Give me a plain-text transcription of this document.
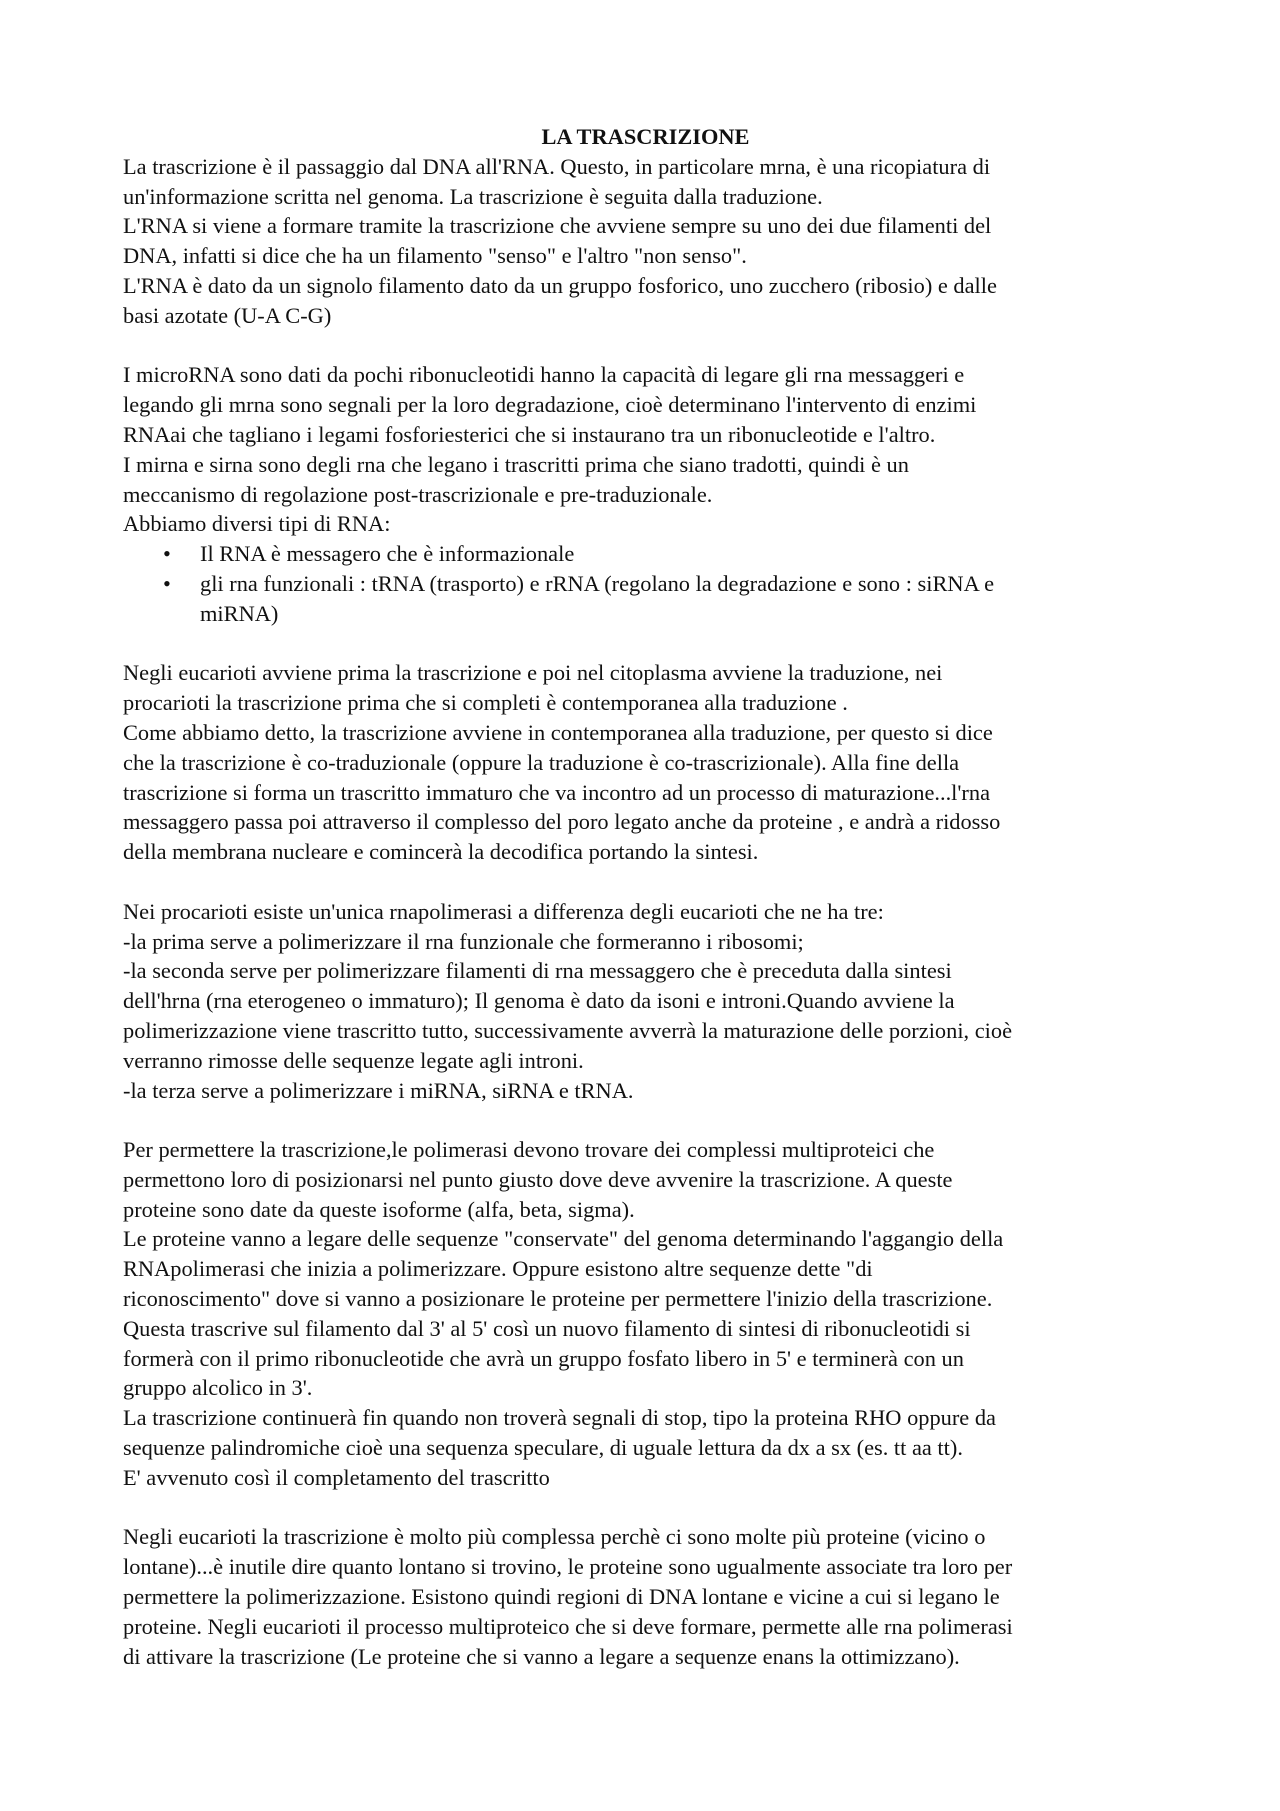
LA TRASCRIZIONE
La trascrizione è il passaggio dal DNA all'RNA. Questo, in particolare mrna, è una ricopiatura di
un'informazione scritta nel genoma. La trascrizione è seguita dalla traduzione.
L'RNA si viene a formare tramite la trascrizione che avviene sempre su uno dei due filamenti del
DNA, infatti si dice che ha un filamento "senso" e l'altro "non senso".
L'RNA è dato da un signolo filamento dato da un gruppo fosforico, uno zucchero (ribosio) e dalle
basi azotate (U-A C-G)
I microRNA sono dati da pochi ribonucleotidi hanno la capacità di legare gli rna messaggeri e
legando gli mrna sono segnali per la loro degradazione, cioè determinano l'intervento di enzimi
RNAai che tagliano i legami fosforiesterici che si instaurano tra un ribonucleotide e l'altro.
I mirna e sirna sono degli rna che legano i trascritti prima che siano tradotti, quindi è un
meccanismo di regolazione post-trascrizionale e pre-traduzionale.
Abbiamo diversi tipi di RNA:
• Il RNA è messagero che è informazionale
• gli rna funzionali : tRNA (trasporto) e rRNA (regolano la degradazione e sono : siRNA e
miRNA)
Negli eucarioti avviene prima la trascrizione e poi nel citoplasma avviene la traduzione, nei
procarioti la trascrizione prima che si completi è contemporanea alla traduzione .
Come abbiamo detto, la trascrizione avviene in contemporanea alla traduzione, per questo si dice
che la trascrizione è co-traduzionale (oppure la traduzione è co-trascrizionale). Alla fine della
trascrizione si forma un trascritto immaturo che va incontro ad un processo di maturazione...l'rna
messaggero passa poi attraverso il complesso del poro legato anche da proteine , e andrà a ridosso
della membrana nucleare e comincerà la decodifica portando la sintesi.
Nei procarioti esiste un'unica rnapolimerasi a differenza degli eucarioti che ne ha tre:
-la prima serve a polimerizzare il rna funzionale che formeranno i ribosomi;
-la seconda serve per polimerizzare filamenti di rna messaggero che è preceduta dalla sintesi
dell'hrna (rna eterogeneo o immaturo); Il genoma è dato da isoni e introni.Quando avviene la
polimerizzazione viene trascritto tutto, successivamente avverrà la maturazione delle porzioni, cioè
verranno rimosse delle sequenze legate agli introni.
-la terza serve a polimerizzare i miRNA, siRNA e tRNA.
Per permettere la trascrizione,le polimerasi devono trovare dei complessi multiproteici che
permettono loro di posizionarsi nel punto giusto dove deve avvenire la trascrizione. A queste
proteine sono date da queste isoforme (alfa, beta, sigma).
Le proteine vanno a legare delle sequenze "conservate" del genoma determinando l'aggangio della
RNApolimerasi che inizia a polimerizzare. Oppure esistono altre sequenze dette "di
riconoscimento" dove si vanno a posizionare le proteine per permettere l'inizio della trascrizione.
Questa trascrive sul filamento dal 3' al 5' così un nuovo filamento di sintesi di ribonucleotidi si
formerà con il primo ribonucleotide che avrà un gruppo fosfato libero in 5' e terminerà con un
gruppo alcolico in 3'.
La trascrizione continuerà fin quando non troverà segnali di stop, tipo la proteina RHO oppure da
sequenze palindromiche cioè una sequenza speculare, di uguale lettura da dx a sx (es. tt aa tt).
E' avvenuto così il completamento del trascritto
Negli eucarioti la trascrizione è molto più complessa perchè ci sono molte più proteine (vicino o
lontane)...è inutile dire quanto lontano si trovino, le proteine sono ugualmente associate tra loro per
permettere la polimerizzazione. Esistono quindi regioni di DNA lontane e vicine a cui si legano le
proteine. Negli eucarioti il processo multiproteico che si deve formare, permette alle rna polimerasi
di attivare la trascrizione (Le proteine che si vanno a legare a sequenze enans la ottimizzano).
